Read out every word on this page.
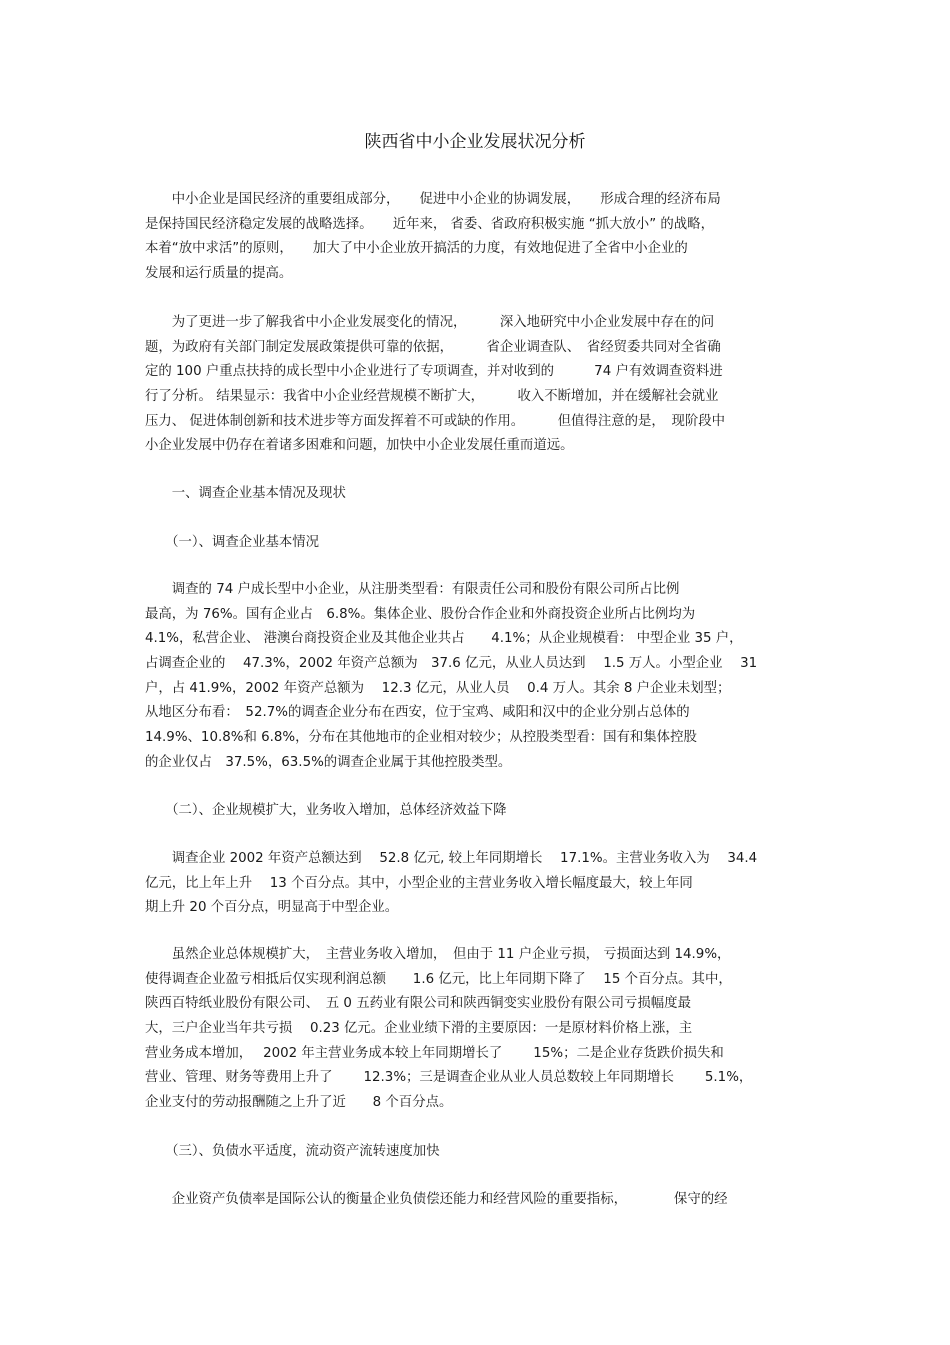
陕西省中小企业发展状况分析

　　中小企业是国民经济的重要组成部分，　　促进中小企业的协调发展，　　形成合理的经济布局
是保持国民经济稳定发展的战略选择。　　近年来， 省委、省政府积极实施 “抓大放小” 的战略，
本着“放中求活”的原则，　　加大了中小企业放开搞活的力度，有效地促进了全省中小企业的
发展和运行质量的提高。

　　为了更进一步了解我省中小企业发展变化的情况，　　　深入地研究中小企业发展中存在的问
题，为政府有关部门制定发展政策提供可靠的依据，　　　省企业调查队、　省经贸委共同对全省确
定的 100 户重点扶持的成长型中小企业进行了专项调查，并对收到的　　　74 户有效调查资料进
行了分析。 结果显示：我省中小企业经营规模不断扩大，　　　收入不断增加，并在缓解社会就业
压力、 促进体制创新和技术进步等方面发挥着不可或缺的作用。　　　但值得注意的是，　现阶段中
小企业发展中仍存在着诸多困难和问题，加快中小企业发展任重而道远。

　　一、调查企业基本情况及现状
　　（一）、调查企业基本情况

　　调查的 74 户成长型中小企业，从注册类型看：有限责任公司和股份有限公司所占比例
最高，为 76%。国有企业占　6.8%。集体企业、股份合作企业和外商投资企业所占比例均为
4.1%，私营企业、 港澳台商投资企业及其他企业共占　　4.1%；从企业规模看： 中型企业 35 户，
占调查企业的　 47.3%，2002 年资产总额为　37.6 亿元，从业人员达到　 1.5 万人。小型企业　 31
户，占 41.9%，2002 年资产总额为　 12.3 亿元，从业人员　 0.4 万人。其余 8 户企业未划型；
从地区分布看：　52.7%的调查企业分布在西安，位于宝鸡、咸阳和汉中的企业分别占总体的
14.9%、10.8%和 6.8%，分布在其他地市的企业相对较少；从控股类型看：国有和集体控股
的企业仅占　37.5%，63.5%的调查企业属于其他控股类型。

　　（二）、企业规模扩大，业务收入增加，总体经济效益下降

　　调查企业 2002 年资产总额达到　 52.8 亿元, 较上年同期增长　 17.1%。主营业务收入为　 34.4
亿元，比上年上升　 13 个百分点。其中，小型企业的主营业务收入增长幅度最大，较上年同
期上升 20 个百分点，明显高于中型企业。

　　虽然企业总体规模扩大，　主营业务收入增加，　但由于 11 户企业亏损， 亏损面达到 14.9%，
使得调查企业盈亏相抵后仅实现利润总额　　1.6 亿元，比上年同期下降了　 15 个百分点。其中，
陕西百特纸业股份有限公司、　五 0 五药业有限公司和陕西铜变实业股份有限公司亏损幅度最
大，三户企业当年共亏损　 0.23 亿元。企业业绩下滑的主要原因：一是原材料价格上涨，主
营业务成本增加，　 2002 年主营业务成本较上年同期增长了　　 15%；二是企业存货跌价损失和
营业、管理、财务等费用上升了　　 12.3%；三是调查企业从业人员总数较上年同期增长　　 5.1%，
企业支付的劳动报酬随之上升了近　　8 个百分点。

　　（三）、负债水平适度，流动资产流转速度加快

　　企业资产负债率是国际公认的衡量企业负债偿还能力和经营风险的重要指标，　　　　保守的经
